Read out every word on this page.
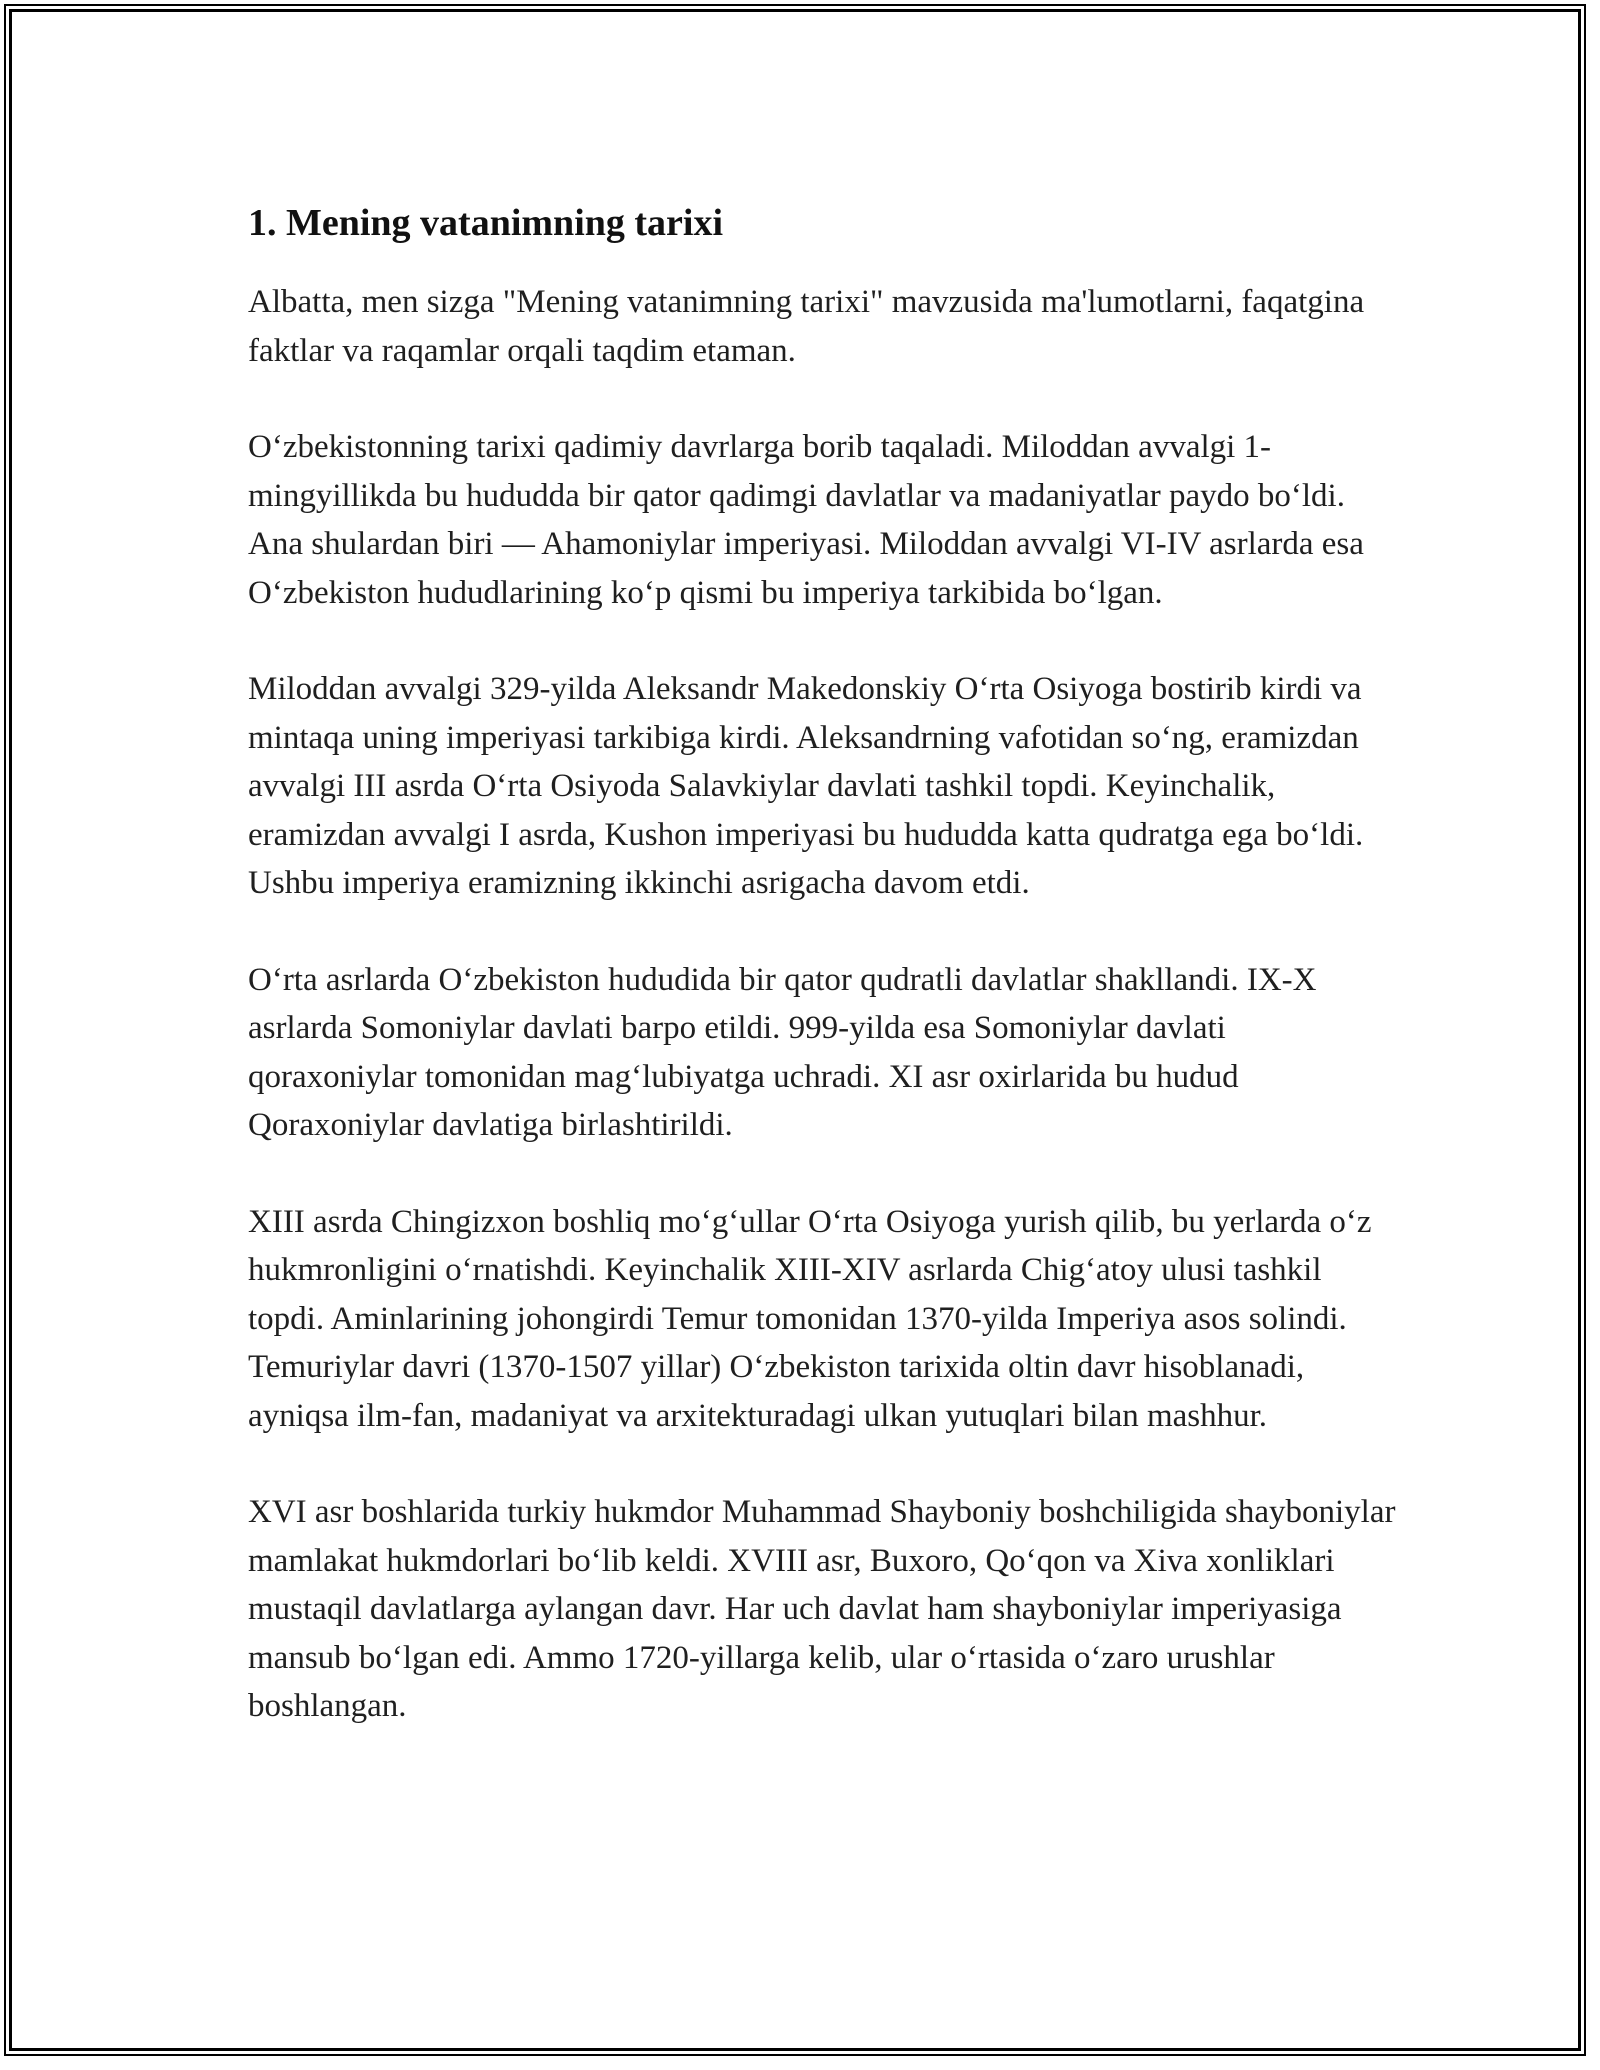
1. Mening vatanimning tarixi

Albatta, men sizga "Mening vatanimning tarixi" mavzusida ma'lumotlarni, faqatgina faktlar va raqamlar orqali taqdim etaman.

O‘zbekistonning tarixi qadimiy davrlarga borib taqaladi. Miloddan avvalgi 1-mingyillikda bu hududda bir qator qadimgi davlatlar va madaniyatlar paydo bo‘ldi. Ana shulardan biri — Ahamoniylar imperiyasi. Miloddan avvalgi VI-IV asrlarda esa O‘zbekiston hududlarining ko‘p qismi bu imperiya tarkibida bo‘lgan.

Miloddan avvalgi 329-yilda Aleksandr Makedonskiy O‘rta Osiyoga bostirib kirdi va mintaqa uning imperiyasi tarkibiga kirdi. Aleksandrning vafotidan so‘ng, eramizdan avvalgi III asrda O‘rta Osiyoda Salavkiylar davlati tashkil topdi. Keyinchalik, eramizdan avvalgi I asrda, Kushon imperiyasi bu hududda katta qudratga ega bo‘ldi. Ushbu imperiya eramizning ikkinchi asrigacha davom etdi.

O‘rta asrlarda O‘zbekiston hududida bir qator qudratli davlatlar shakllandi. IX-X asrlarda Somoniylar davlati barpo etildi. 999-yilda esa Somoniylar davlati qoraxoniylar tomonidan mag‘lubiyatga uchradi. XI asr oxirlarida bu hudud Qoraxoniylar davlatiga birlashtirildi.

XIII asrda Chingizxon boshliq mo‘g‘ullar O‘rta Osiyoga yurish qilib, bu yerlarda o‘z hukmronligini o‘rnatishdi. Keyinchalik XIII-XIV asrlarda Chig‘atoy ulusi tashkil topdi. Aminlarining johongirdi Temur tomonidan 1370-yilda Imperiya asos solindi. Temuriylar davri (1370-1507 yillar) O‘zbekiston tarixida oltin davr hisoblanadi, ayniqsa ilm-fan, madaniyat va arxitekturadagi ulkan yutuqlari bilan mashhur.

XVI asr boshlarida turkiy hukmdor Muhammad Shayboniy boshchiligida shayboniylar mamlakat hukmdorlari bo‘lib keldi. XVIII asr, Buxoro, Qo‘qon va Xiva xonliklari mustaqil davlatlarga aylangan davr. Har uch davlat ham shayboniylar imperiyasiga mansub bo‘lgan edi. Ammo 1720-yillarga kelib, ular o‘rtasida o‘zaro urushlar boshlangan.
